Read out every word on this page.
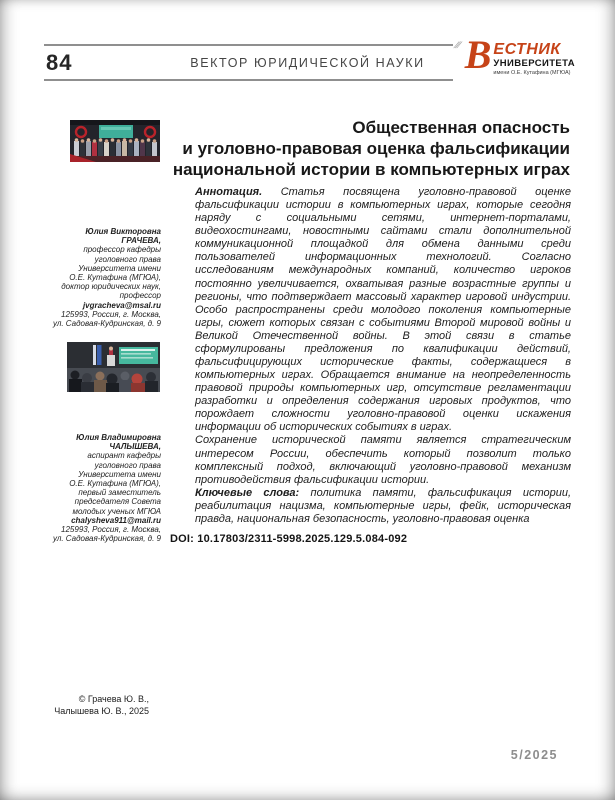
84	ВЕКТОР ЮРИДИЧЕСКОЙ НАУКИ
/// В ЕСТНИК
УНИВЕРСИТЕТА
имени О.Е. Кутафина (МГЮА)
Общественная опасность
и уголовно-правовая оценка фальсификации
национальной истории в компьютерных играх
Юлия Викторовна
ГРАЧЕВА,
профессор кафедры
уголовного права
Университета имени
О.Е. Кутафина (МГЮА),
доктор юридических наук,
профессор
jvgracheva@msal.ru
125993, Россия, г. Москва,
ул. Садовая-Кудринская, д. 9
Юлия Владимировна
ЧАЛЫШЕВА,
аспирант кафедры
уголовного права
Университета имени
О.Е. Кутафина (МГЮА),
первый заместитель
председателя Совета
молодых ученых МГЮА
chalysheva911@mail.ru
125993, Россия, г. Москва,
ул. Садовая-Кудринская, д. 9
© Грачева Ю. В.,
Чалышева Ю. В., 2025

Аннотация. Статья посвящена уголовно-правовой оценке фальсификации истории в компьютерных играх, которые сегодня наряду с социальными сетями, интернет-порталами, видеохостингами, новостными сайтами стали дополнительной коммуникационной площадкой для обмена данными среди пользователей информационных технологий. Согласно исследованиям международных компаний, количество игроков постоянно увеличивается, охватывая разные возрастные группы и регионы, что подтверждает массовый характер игровой индустрии. Особо распространены среди молодого поколения компьютерные игры, сюжет которых связан с событиями Второй мировой войны и Великой Отечественной войны. В этой связи в статье сформулированы предложения по квалификации действий, фальсифицирующих исторические факты, содержащиеся в компьютерных играх. Обращается внимание на неопределенность правовой природы компьютерных игр, отсутствие регламентации разработки и определения содержания игровых продуктов, что порождает сложности уголовно-правовой оценки искажения информации об исторических событиях в играх.

Сохранение исторической памяти является стратегическим интересом России, обеспечить который позволит только комплексный подход, включающий уголовно-правовой механизм противодействия фальсификации истории.

Ключевые слова: политика памяти, фальсификация истории, реабилитация нацизма, компьютерные игры, фейк, историческая правда, национальная безопасность, уголовно-правовая оценка

DOI: 10.17803/2311-5998.2025.129.5.084-092

5/2025
